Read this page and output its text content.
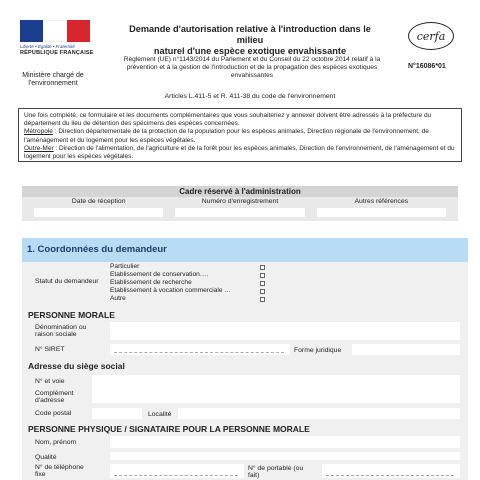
Liberté • Égalité • Fraternité
RÉPUBLIQUE FRANÇAISE
Ministère chargé de l'environnement
Demande d'autorisation relative à l'introduction dans le milieu
naturel d'une espèce exotique envahissante
Règlement (UE) n°1143/2014 du Parlement et du Conseil du 22 octobre 2014 relatif à la prévention et à la gestion de l'introduction et de la propagation des espèces exotiques envahissantes
Articles L.411-5 et R. 411-38 du code de l'environnement
cerfa
N°16086*01
Une fois complété, ce formulaire et les documents complémentaires que vous souhaiteriez y annexer doivent être adressés à la préfecture du département du lieu de détention des spécimens des espèces concernées.
Métropole : Direction départementale de la protection de la population pour les espèces animales, Direction régionale de l'environnement, de l'aménagement et du logement pour les espèces végétales.
Outre-Mer : Direction de l'alimentation, de l'agriculture et de la forêt pour les espèces animales, Direction de l'environnement, de l'aménagement et du logement pour les espèces végétales.
Cadre réservé à l'administration
Date de réception	Numéro d'enregistrement	Autres références
1. Coordonnées du demandeur
Statut du demandeur
Particulier
Etablissement de conservation….
Etablissement de recherche
Etablissement à vocation commerciale …
Autre
PERSONNE MORALE
Dénomination ou raison sociale
N° SIRET	Forme juridique
Adresse du siège social
N° et voie
Complément d'adresse
Code postal	Localité
PERSONNE PHYSIQUE / SIGNATAIRE POUR LA PERSONNE MORALE
Nom, prénom
Qualité
N° de téléphone fixe
N° de portable (ou fait)
